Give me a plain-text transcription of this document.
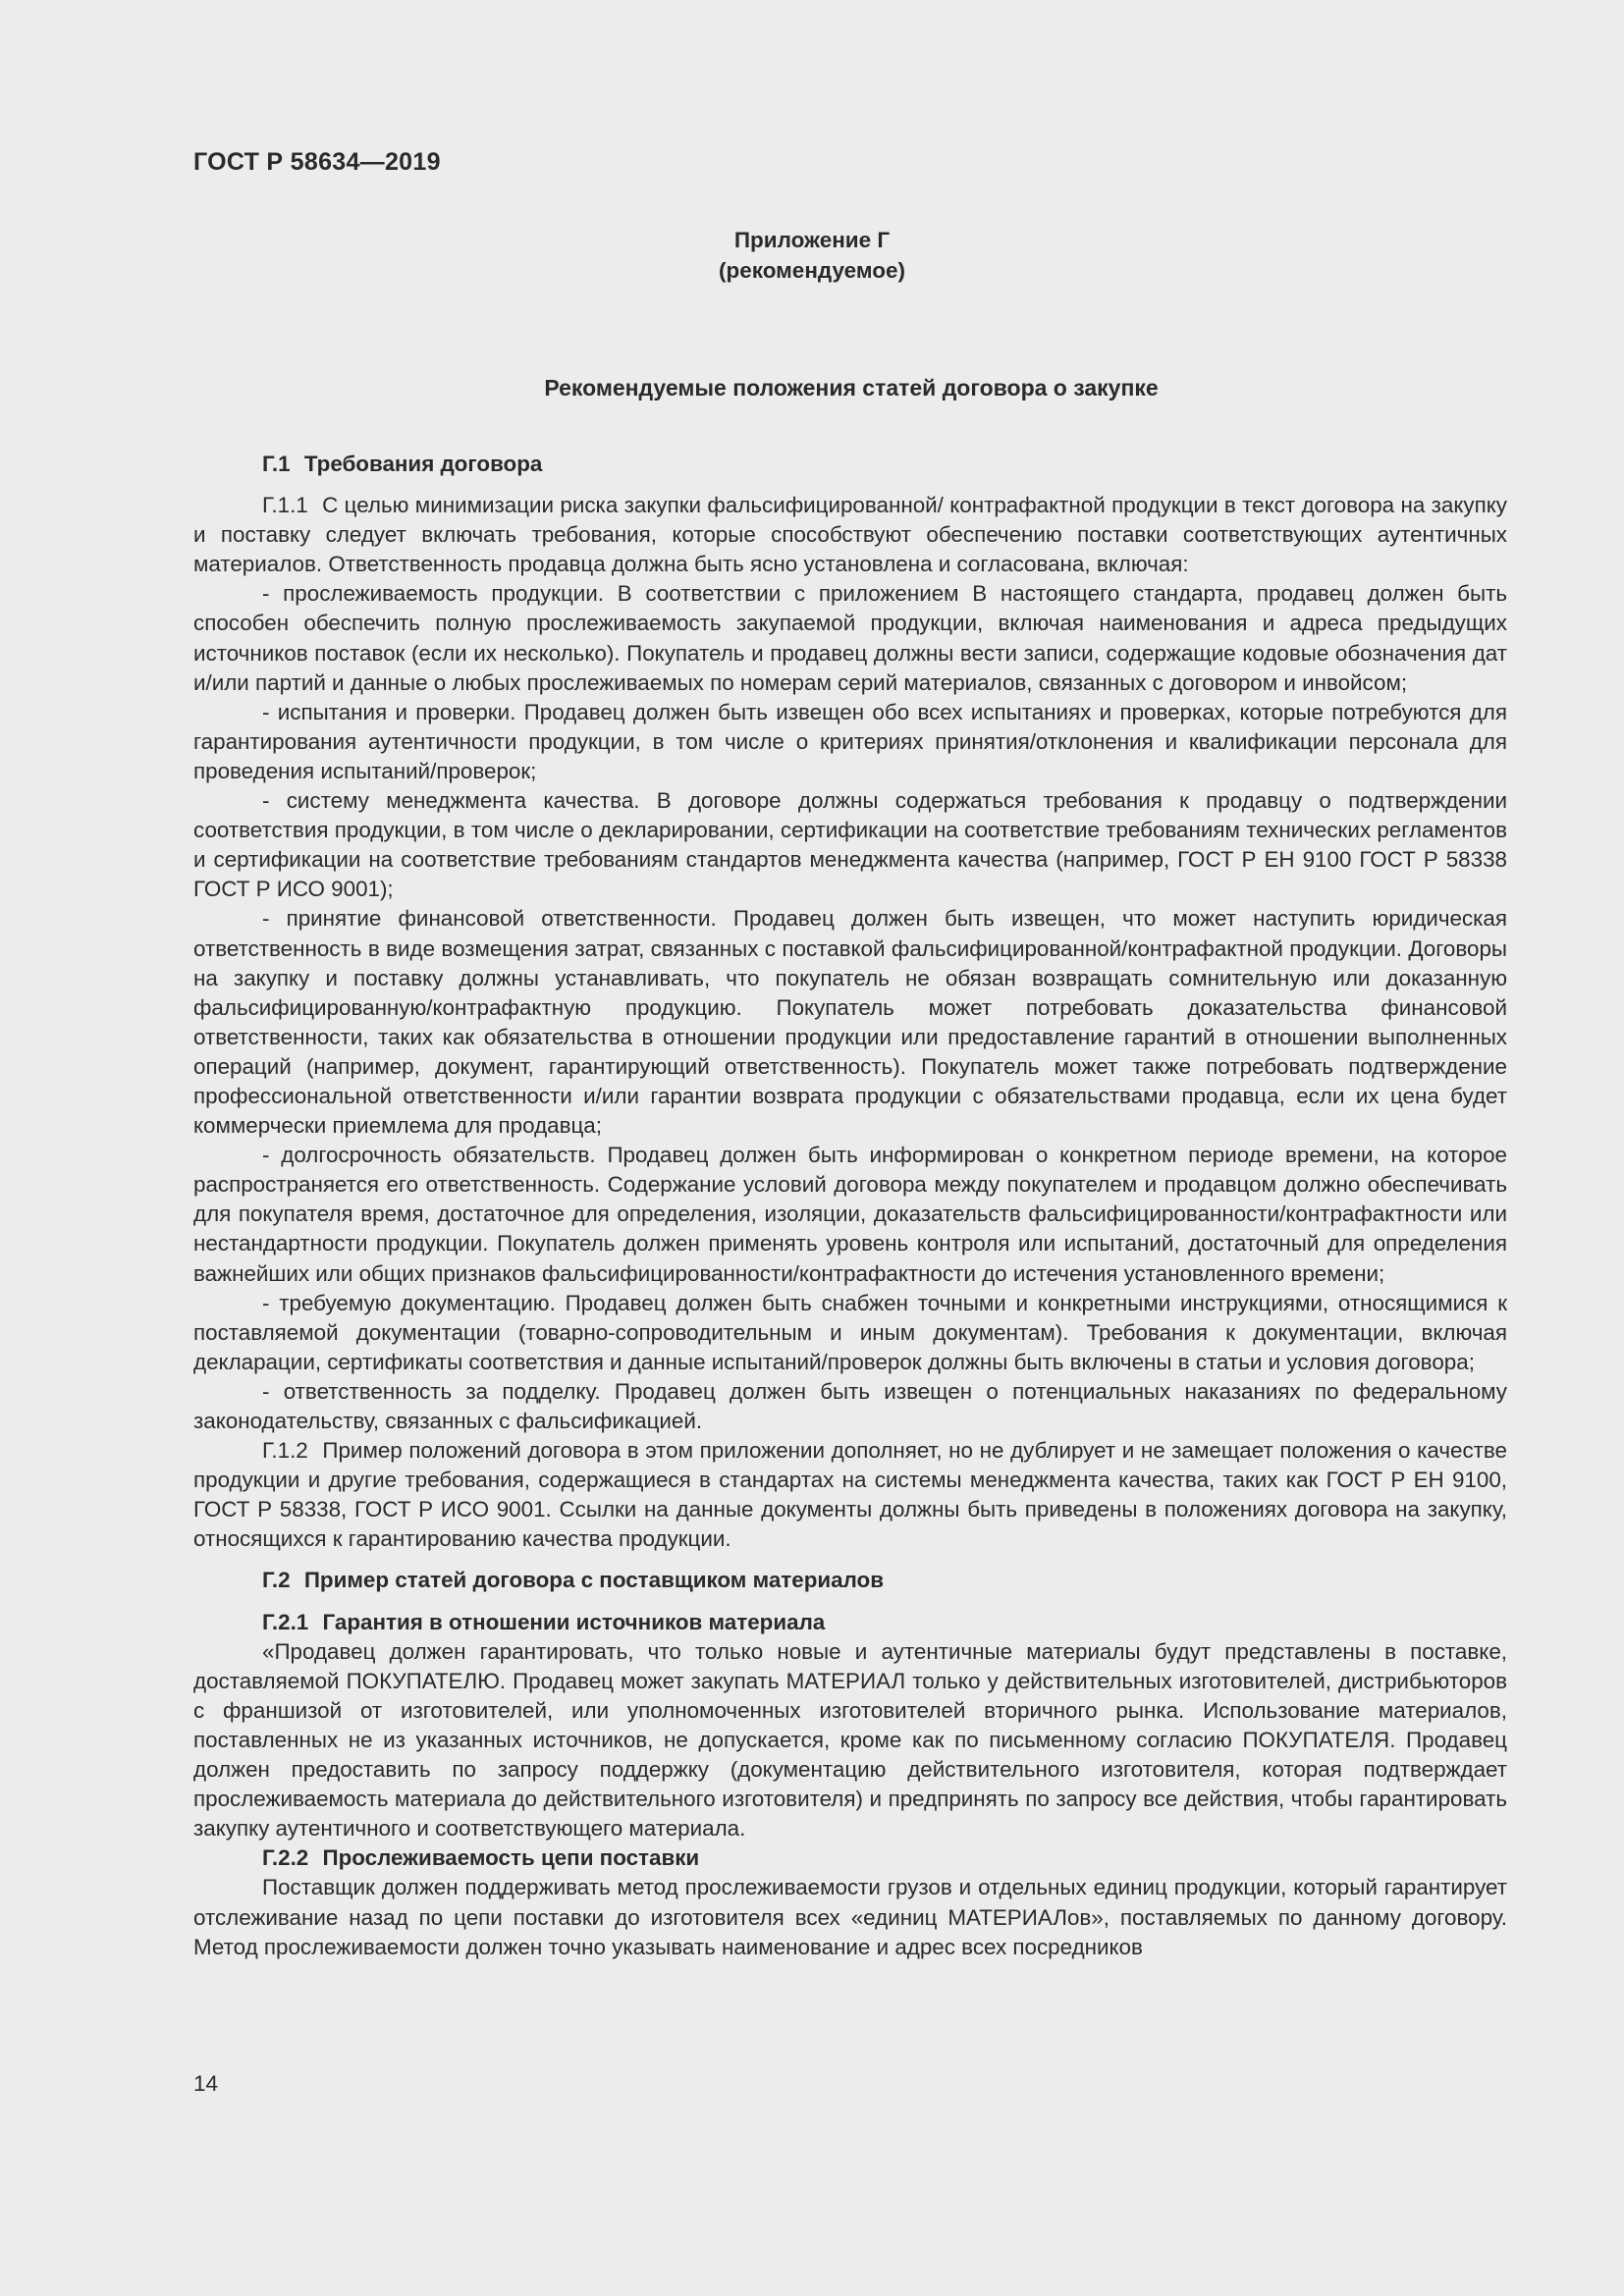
ГОСТ Р 58634—2019
Приложение Г
(рекомендуемое)
Рекомендуемые положения статей договора о закупке
Г.1 Требования договора

Г.1.1 С целью минимизации риска закупки фальсифицированной/ контрафактной продукции в текст договора на закупку и поставку следует включать требования, которые способствуют обеспечению поставки соответствующих аутентичных материалов. Ответственность продавца должна быть ясно установлена и согласована, включая:

- прослеживаемость продукции. В соответствии с приложением В настоящего стандарта, продавец должен быть способен обеспечить полную прослеживаемость закупаемой продукции, включая наименования и адреса предыдущих источников поставок (если их несколько). Покупатель и продавец должны вести записи, содержащие кодовые обозначения дат и/или партий и данные о любых прослеживаемых по номерам серий материалов, связанных с договором и инвойсом;

- испытания и проверки. Продавец должен быть извещен обо всех испытаниях и проверках, которые потребуются для гарантирования аутентичности продукции, в том числе о критериях принятия/отклонения и квалификации персонала для проведения испытаний/проверок;

- систему менеджмента качества. В договоре должны содержаться требования к продавцу о подтверждении соответствия продукции, в том числе о декларировании, сертификации на соответствие требованиям технических регламентов и сертификации на соответствие требованиям стандартов менеджмента качества (например, ГОСТ Р ЕН 9100 ГОСТ Р 58338 ГОСТ Р ИСО 9001);

- принятие финансовой ответственности. Продавец должен быть извещен, что может наступить юридическая ответственность в виде возмещения затрат, связанных с поставкой фальсифицированной/контрафактной продукции. Договоры на закупку и поставку должны устанавливать, что покупатель не обязан возвращать сомнительную или доказанную фальсифицированную/контрафактную продукцию. Покупатель может потребовать доказательства финансовой ответственности, таких как обязательства в отношении продукции или предоставление гарантий в отношении выполненных операций (например, документ, гарантирующий ответственность). Покупатель может также потребовать подтверждение профессиональной ответственности и/или гарантии возврата продукции с обязательствами продавца, если их цена будет коммерчески приемлема для продавца;

- долгосрочность обязательств. Продавец должен быть информирован о конкретном периоде времени, на которое распространяется его ответственность. Содержание условий договора между покупателем и продавцом должно обеспечивать для покупателя время, достаточное для определения, изоляции, доказательств фальсифицированности/контрафактности или нестандартности продукции. Покупатель должен применять уровень контроля или испытаний, достаточный для определения важнейших или общих признаков фальсифицированности/контрафактности до истечения установленного времени;

- требуемую документацию. Продавец должен быть снабжен точными и конкретными инструкциями, относящимися к поставляемой документации (товарно-сопроводительным и иным документам). Требования к документации, включая декларации, сертификаты соответствия и данные испытаний/проверок должны быть включены в статьи и условия договора;

- ответственность за подделку. Продавец должен быть извещен о потенциальных наказаниях по федеральному законодательству, связанных с фальсификацией.

Г.1.2 Пример положений договора в этом приложении дополняет, но не дублирует и не замещает положения о качестве продукции и другие требования, содержащиеся в стандартах на системы менеджмента качества, таких как ГОСТ Р ЕН 9100, ГОСТ Р 58338, ГОСТ Р ИСО 9001. Ссылки на данные документы должны быть приведены в положениях договора на закупку, относящихся к гарантированию качества продукции.

Г.2 Пример статей договора с поставщиком материалов
Г.2.1 Гарантия в отношении источников материала

«Продавец должен гарантировать, что только новые и аутентичные материалы будут представлены в поставке, доставляемой ПОКУПАТЕЛЮ. Продавец может закупать МАТЕРИАЛ только у действительных изготовителей, дистрибьюторов с франшизой от изготовителей, или уполномоченных изготовителей вторичного рынка. Использование материалов, поставленных не из указанных источников, не допускается, кроме как по письменному согласию ПОКУПАТЕЛЯ. Продавец должен предоставить по запросу поддержку (документацию действительного изготовителя, которая подтверждает прослеживаемость материала до действительного изготовителя) и предпринять по запросу все действия, чтобы гарантировать закупку аутентичного и соответствующего материала.

Г.2.2 Прослеживаемость цепи поставки

Поставщик должен поддерживать метод прослеживаемости грузов и отдельных единиц продукции, который гарантирует отслеживание назад по цепи поставки до изготовителя всех «единиц МАТЕРИАЛов», поставляемых по данному договору. Метод прослеживаемости должен точно указывать наименование и адрес всех посредников

14
